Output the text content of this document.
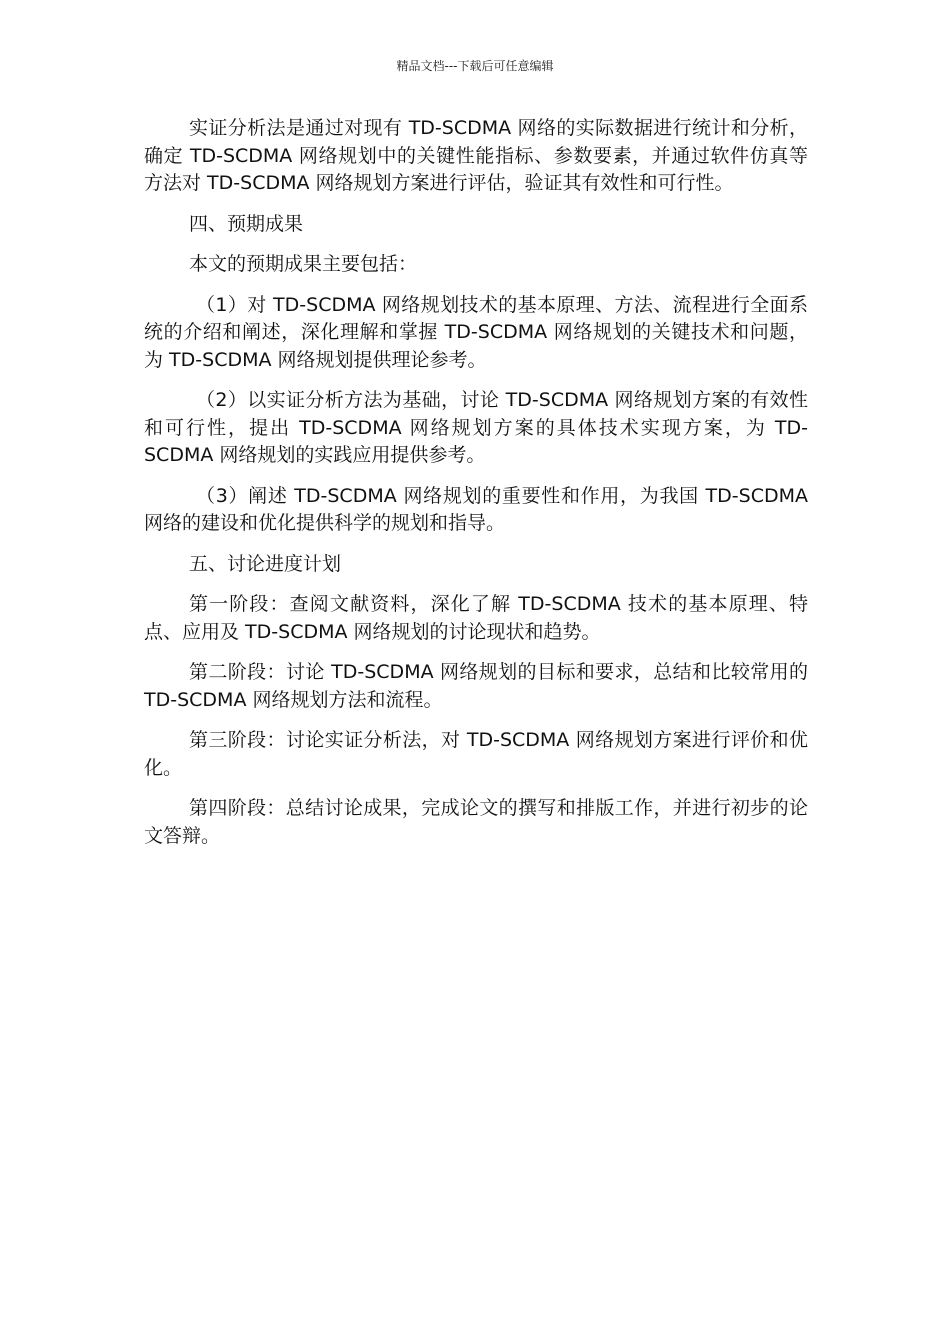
精品文档---下载后可任意编辑

实证分析法是通过对现有 TD-SCDMA 网络的实际数据进行统计和分析，确定 TD-SCDMA 网络规划中的关键性能指标、参数要素，并通过软件仿真等方法对 TD-SCDMA 网络规划方案进行评估，验证其有效性和可行性。

四、预期成果

本文的预期成果主要包括：

（1）对 TD-SCDMA 网络规划技术的基本原理、方法、流程进行全面系统的介绍和阐述，深化理解和掌握 TD-SCDMA 网络规划的关键技术和问题，为 TD-SCDMA 网络规划提供理论参考。

（2）以实证分析方法为基础，讨论 TD-SCDMA 网络规划方案的有效性和可行性，提出 TD-SCDMA 网络规划方案的具体技术实现方案，为 TD-SCDMA 网络规划的实践应用提供参考。

（3）阐述 TD-SCDMA 网络规划的重要性和作用，为我国 TD-SCDMA 网络的建设和优化提供科学的规划和指导。

五、讨论进度计划

第一阶段：查阅文献资料，深化了解 TD-SCDMA 技术的基本原理、特点、应用及 TD-SCDMA 网络规划的讨论现状和趋势。

第二阶段：讨论 TD-SCDMA 网络规划的目标和要求，总结和比较常用的 TD-SCDMA 网络规划方法和流程。

第三阶段：讨论实证分析法，对 TD-SCDMA 网络规划方案进行评价和优化。

第四阶段：总结讨论成果，完成论文的撰写和排版工作，并进行初步的论文答辩。
